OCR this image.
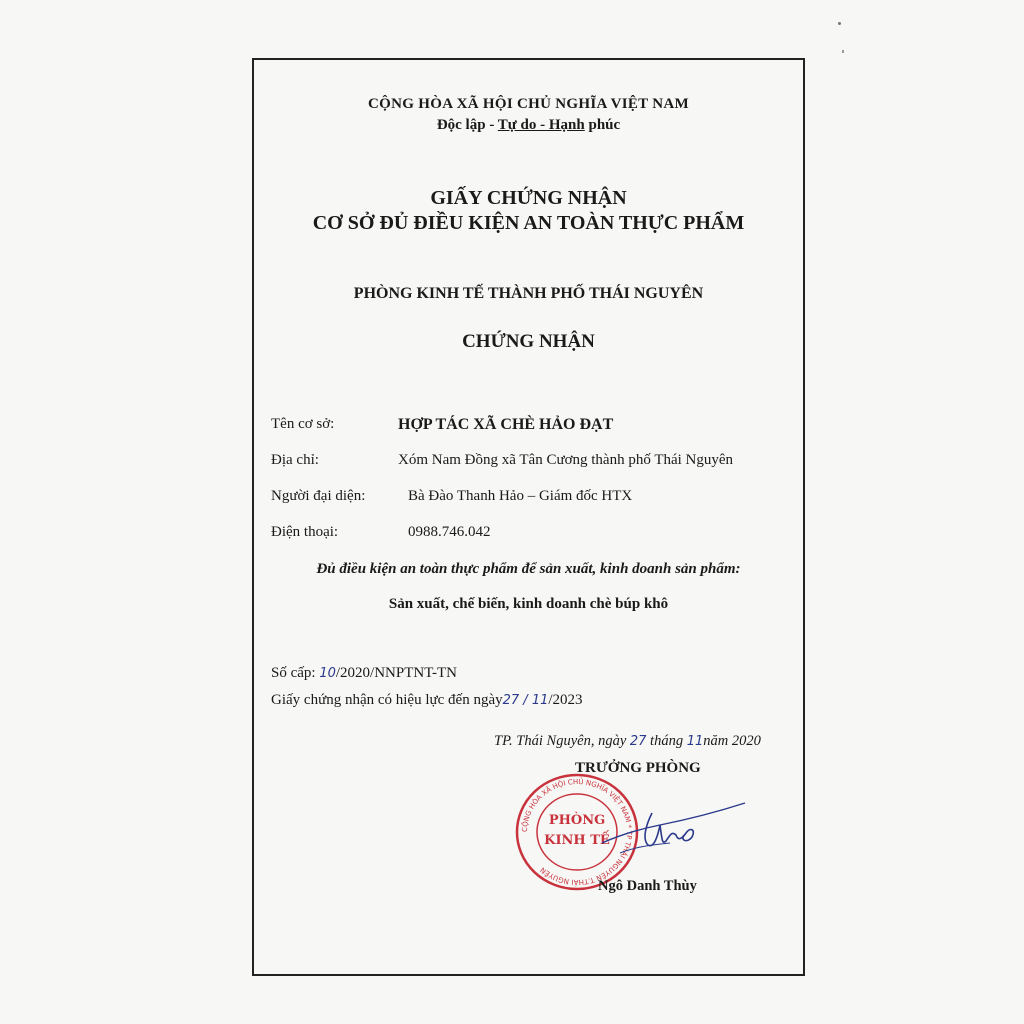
CỘNG HÒA XÃ HỘI CHỦ NGHĨA VIỆT NAM
Độc lập - Tự do - Hạnh phúc
GIẤY CHỨNG NHẬN
CƠ SỞ ĐỦ ĐIỀU KIỆN AN TOÀN THỰC PHẨM
PHÒNG KINH TẾ THÀNH PHỐ THÁI NGUYÊN
CHỨNG NHẬN
Tên cơ sở:	HỢP TÁC XÃ CHÈ HẢO ĐẠT
Địa chỉ:	Xóm Nam Đồng xã Tân Cương thành phố Thái Nguyên
Người đại diện:	Bà Đào Thanh Hảo – Giám đốc HTX
Điện thoại:	0988.746.042
Đủ điều kiện an toàn thực phẩm để sản xuất, kinh doanh sản phẩm:
Sản xuất, chế biến, kinh doanh chè búp khô
Số cấp: 10/2020/NNPTNT-TN
Giấy chứng nhận có hiệu lực đến ngày27 / 11/2023
TP. Thái Nguyên, ngày 27 tháng 11năm 2020
TRƯỞNG PHÒNG
CỘNG HÒA XÃ HỘI CHỦ NGHĨA VIỆT NAM * TP THÁI NGUYÊN T.THÁI NGUYÊN
PHÒNG
KINH TẾ
Ngô Danh Thùy
